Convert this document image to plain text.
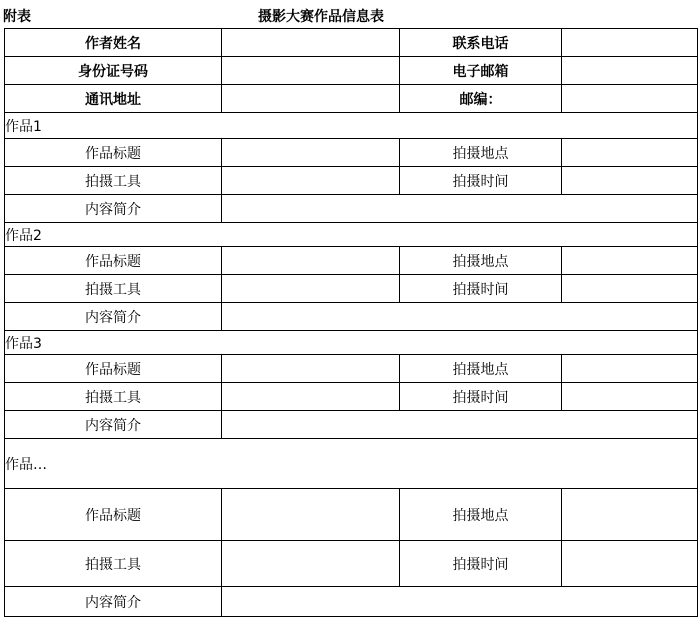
附表	摄影大赛作品信息表
作者姓名		联系电话	
身份证号码		电子邮箱	
通讯地址		邮编：	
作品1			
作品标题		拍摄地点	
拍摄工具		拍摄时间	
内容简介			
作品2			
作品标题		拍摄地点	
拍摄工具		拍摄时间	
内容简介			
作品3			
作品标题		拍摄地点	
拍摄工具		拍摄时间	
内容简介			
作品…			
作品标题		拍摄地点	
拍摄工具		拍摄时间	
内容简介			
